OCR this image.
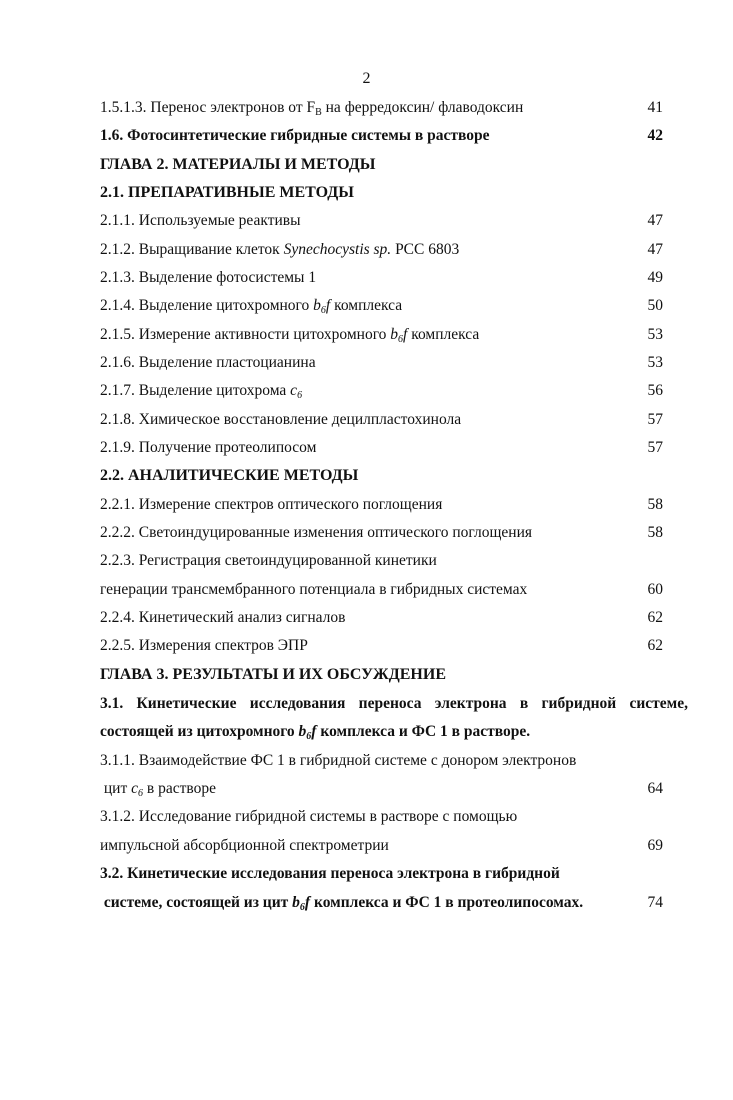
2
1.5.1.3. Перенос электронов от $F_B$ на ферредоксин/ флаводоксин	41
1.6. Фотосинтетические гибридные системы в растворе	42
ГЛАВА 2. МАТЕРИАЛЫ И МЕТОДЫ
2.1. ПРЕПАРАТИВНЫЕ МЕТОДЫ
2.1.1. Используемые реактивы	47
2.1.2. Выращивание клеток Synechocystis sp. PCC 6803	47
2.1.3. Выделение фотосистемы 1	49
2.1.4. Выделение цитохромного $b_6f$ комплекса	50
2.1.5. Измерение активности цитохромного $b_6f$ комплекса	53
2.1.6. Выделение пластоцианина	53
2.1.7. Выделение цитохрома $c_6$	56
2.1.8. Химическое восстановление децилпластохинола	57
2.1.9. Получение протеолипосом	57
2.2. АНАЛИТИЧЕСКИЕ МЕТОДЫ
2.2.1. Измерение спектров оптического поглощения	58
2.2.2. Светоиндуцированные изменения оптического поглощения	58
2.2.3. Регистрация светоиндуцированной кинетики
генерации трансмембранного потенциала в гибридных системах	60
2.2.4. Кинетический анализ сигналов	62
2.2.5. Измерения спектров ЭПР	62
ГЛАВА 3. РЕЗУЛЬТАТЫ И ИХ ОБСУЖДЕНИЕ
3.1. Кинетические исследования переноса электрона в гибридной системе,
состоящей из цитохромного $b_6f$ комплекса и ФС 1 в растворе.
3.1.1. Взаимодействие ФС 1 в гибридной системе с донором электронов
цит $c_6$ в растворе	64
3.1.2. Исследование гибридной системы в растворе с помощью
импульсной абсорбционной спектрометрии	69
3.2. Кинетические исследования переноса электрона в гибридной
системе, состоящей из цит $b_6f$ комплекса и ФС 1 в протеолипосомах.	74
